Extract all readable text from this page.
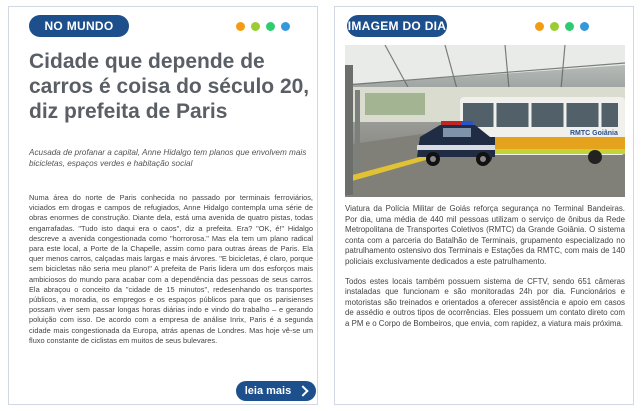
NO MUNDO
Cidade que depende de carros é coisa do século 20, diz prefeita de Paris

Acusada de profanar a capital, Anne Hidalgo tem planos que envolvem mais bicicletas, espaços verdes e habitação social

Numa área do norte de Paris conhecida no passado por terminais ferroviários, viciados em drogas e campos de refugiados, Anne Hidalgo contempla uma série de obras enormes de construção. Diante dela, está uma avenida de quatro pistas, todas engarrafadas. "Tudo isto daqui era o caos", diz a prefeita. Era? "OK, é!" Hidalgo descreve a avenida congestionada como "horrorosa." Mas ela tem um plano radical para este local, a Porte de la Chapelle, assim como para outras áreas de Paris. Ela quer menos carros, calçadas mais largas e mais árvores. "E bicicletas, é claro, porque sem bicicletas não seria meu plano!" A prefeita de Paris lidera um dos esforços mais ambiciosos do mundo para acabar com a dependência das pessoas de seus carros. Ela abraçou o conceito da "cidade de 15 minutos", redesenhando os transportes públicos, a moradia, os empregos e os espaços públicos para que os parisienses possam viver sem passar longas horas diárias indo e vindo do trabalho – e gerando poluição com isso. De acordo com a empresa de análise Inrix, Paris é a segunda cidade mais congestionada da Europa, atrás apenas de Londres. Mas hoje vê-se um fluxo constante de ciclistas em muitos de seus bulevares.

leia mais
IMAGEM DO DIA
RMTC Goiânia

Viatura da Polícia Militar de Goiás reforça segurança no Terminal Bandeiras. Por dia, uma média de 440 mil pessoas utilizam o serviço de ônibus da Rede Metropolitana de Transportes Coletivos (RMTC) da Grande Goiânia. O sistema conta com a parceria do Batalhão de Terminais, grupamento especializado no patrulhamento ostensivo dos Terminais e Estações da RMTC, com mais de 140 policiais exclusivamente dedicados a este patrulhamento.

Todos estes locais também possuem sistema de CFTV, sendo 651 câmeras instaladas que funcionam e são monitoradas 24h por dia. Funcionários e motoristas são treinados e orientados a oferecer assistência e apoio em casos de assédio e outros tipos de ocorrências. Eles possuem um contato direto com a PM e o Corpo de Bombeiros, que envia, com rapidez, a viatura mais próxima.
